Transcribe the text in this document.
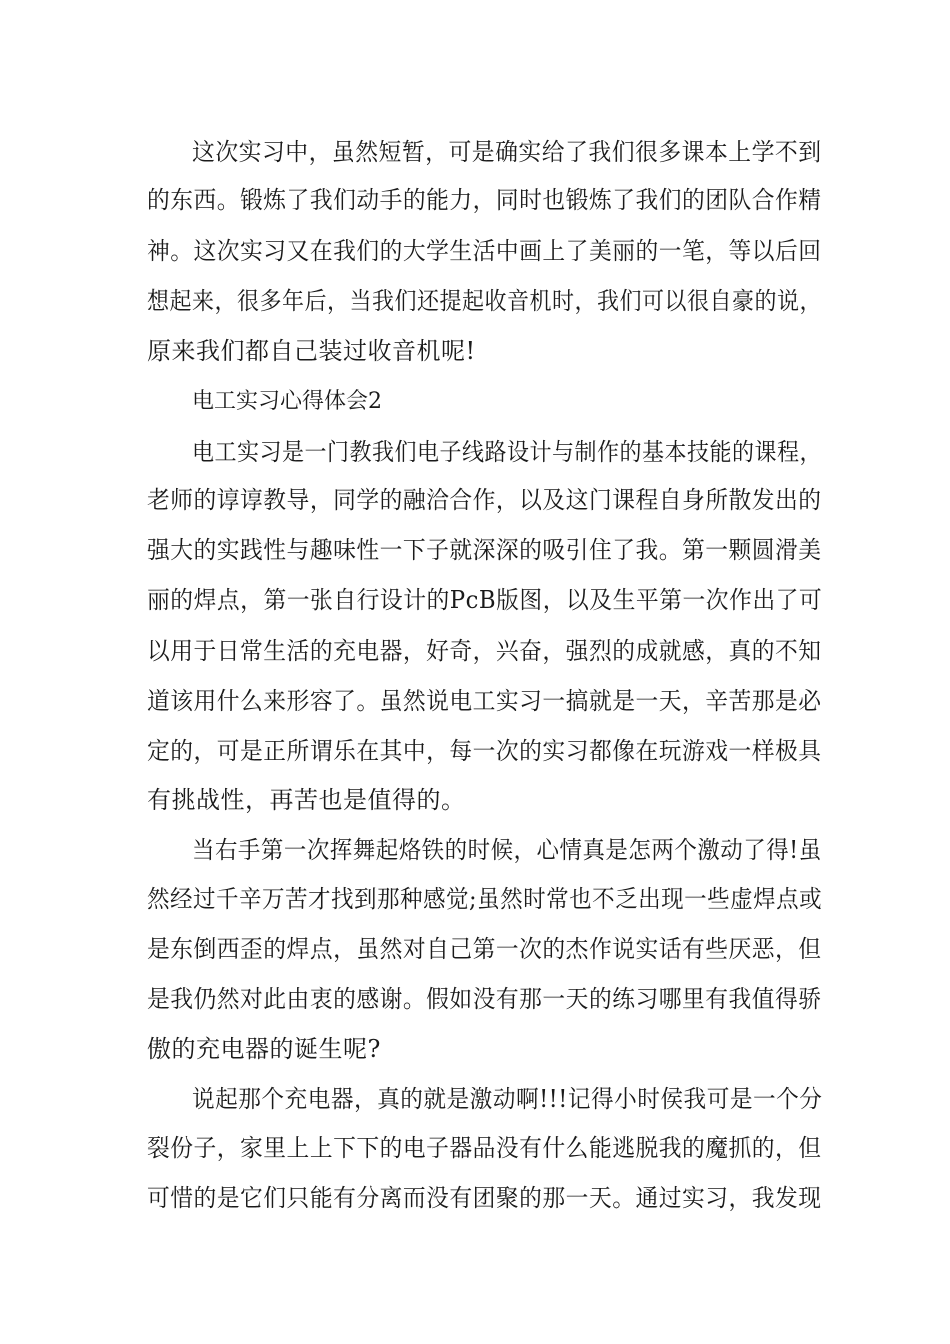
这次实习中，虽然短暂，可是确实给了我们很多课本上学不到
的东西。锻炼了我们动手的能力，同时也锻炼了我们的团队合作精
神。这次实习又在我们的大学生活中画上了美丽的一笔，等以后回
想起来，很多年后，当我们还提起收音机时，我们可以很自豪的说，
原来我们都自己装过收音机呢!
电工实习心得体会2
电工实习是一门教我们电子线路设计与制作的基本技能的课程，
老师的谆谆教导，同学的融洽合作，以及这门课程自身所散发出的
强大的实践性与趣味性一下子就深深的吸引住了我。第一颗圆滑美
丽的焊点，第一张自行设计的PcB版图，以及生平第一次作出了可
以用于日常生活的充电器，好奇，兴奋，强烈的成就感，真的不知
道该用什么来形容了。虽然说电工实习一搞就是一天，辛苦那是必
定的，可是正所谓乐在其中，每一次的实习都像在玩游戏一样极具
有挑战性，再苦也是值得的。
当右手第一次挥舞起烙铁的时候，心情真是怎两个激动了得!虽
然经过千辛万苦才找到那种感觉;虽然时常也不乏出现一些虚焊点或
是东倒西歪的焊点，虽然对自己第一次的杰作说实话有些厌恶，但
是我仍然对此由衷的感谢。假如没有那一天的练习哪里有我值得骄
傲的充电器的诞生呢?
说起那个充电器，真的就是激动啊!!!记得小时侯我可是一个分
裂份子，家里上上下下的电子器品没有什么能逃脱我的魔抓的，但
可惜的是它们只能有分离而没有团聚的那一天。通过实习，我发现
